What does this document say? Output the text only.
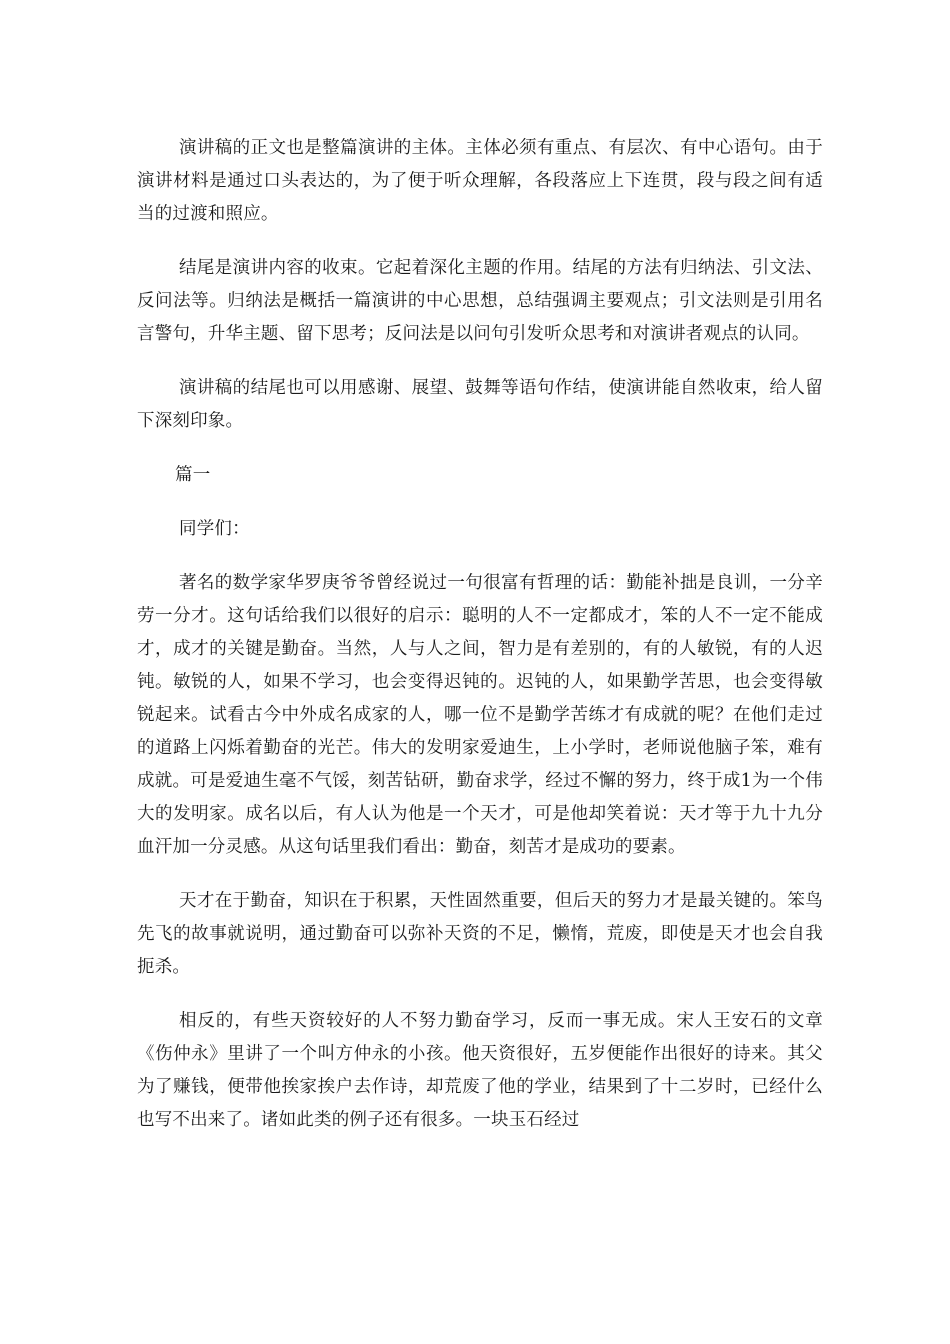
演讲稿的正文也是整篇演讲的主体。主体必须有重点、有层次、有中心语句。由于演讲材料是通过口头表达的，为了便于听众理解，各段落应上下连贯，段与段之间有适当的过渡和照应。

结尾是演讲内容的收束。它起着深化主题的作用。结尾的方法有归纳法、引文法、反问法等。归纳法是概括一篇演讲的中心思想，总结强调主要观点；引文法则是引用名言警句，升华主题、留下思考；反问法是以问句引发听众思考和对演讲者观点的认同。

演讲稿的结尾也可以用感谢、展望、鼓舞等语句作结，使演讲能自然收束，给人留下深刻印象。

篇一

同学们：

著名的数学家华罗庚爷爷曾经说过一句很富有哲理的话：勤能补拙是良训，一分辛劳一分才。这句话给我们以很好的启示：聪明的人不一定都成才，笨的人不一定不能成才，成才的关键是勤奋。当然，人与人之间，智力是有差别的，有的人敏锐，有的人迟钝。敏锐的人，如果不学习，也会变得迟钝的。迟钝的人，如果勤学苦思，也会变得敏锐起来。试看古今中外成名成家的人，哪一位不是勤学苦练才有成就的呢？在他们走过的道路上闪烁着勤奋的光芒。伟大的发明家爱迪生，上小学时，老师说他脑子笨，难有成就。可是爱迪生毫不气馁，刻苦钻研，勤奋求学，经过不懈的努力，终于成1为一个伟大的发明家。成名以后，有人认为他是一个天才，可是他却笑着说：天才等于九十九分血汗加一分灵感。从这句话里我们看出：勤奋，刻苦才是成功的要素。

天才在于勤奋，知识在于积累，天性固然重要，但后天的努力才是最关键的。笨鸟先飞的故事就说明，通过勤奋可以弥补天资的不足，懒惰，荒废，即使是天才也会自我扼杀。

相反的，有些天资较好的人不努力勤奋学习，反而一事无成。宋人王安石的文章《伤仲永》里讲了一个叫方仲永的小孩。他天资很好，五岁便能作出很好的诗来。其父为了赚钱，便带他挨家挨户去作诗，却荒废了他的学业，结果到了十二岁时，已经什么也写不出来了。诸如此类的例子还有很多。一块玉石经过
